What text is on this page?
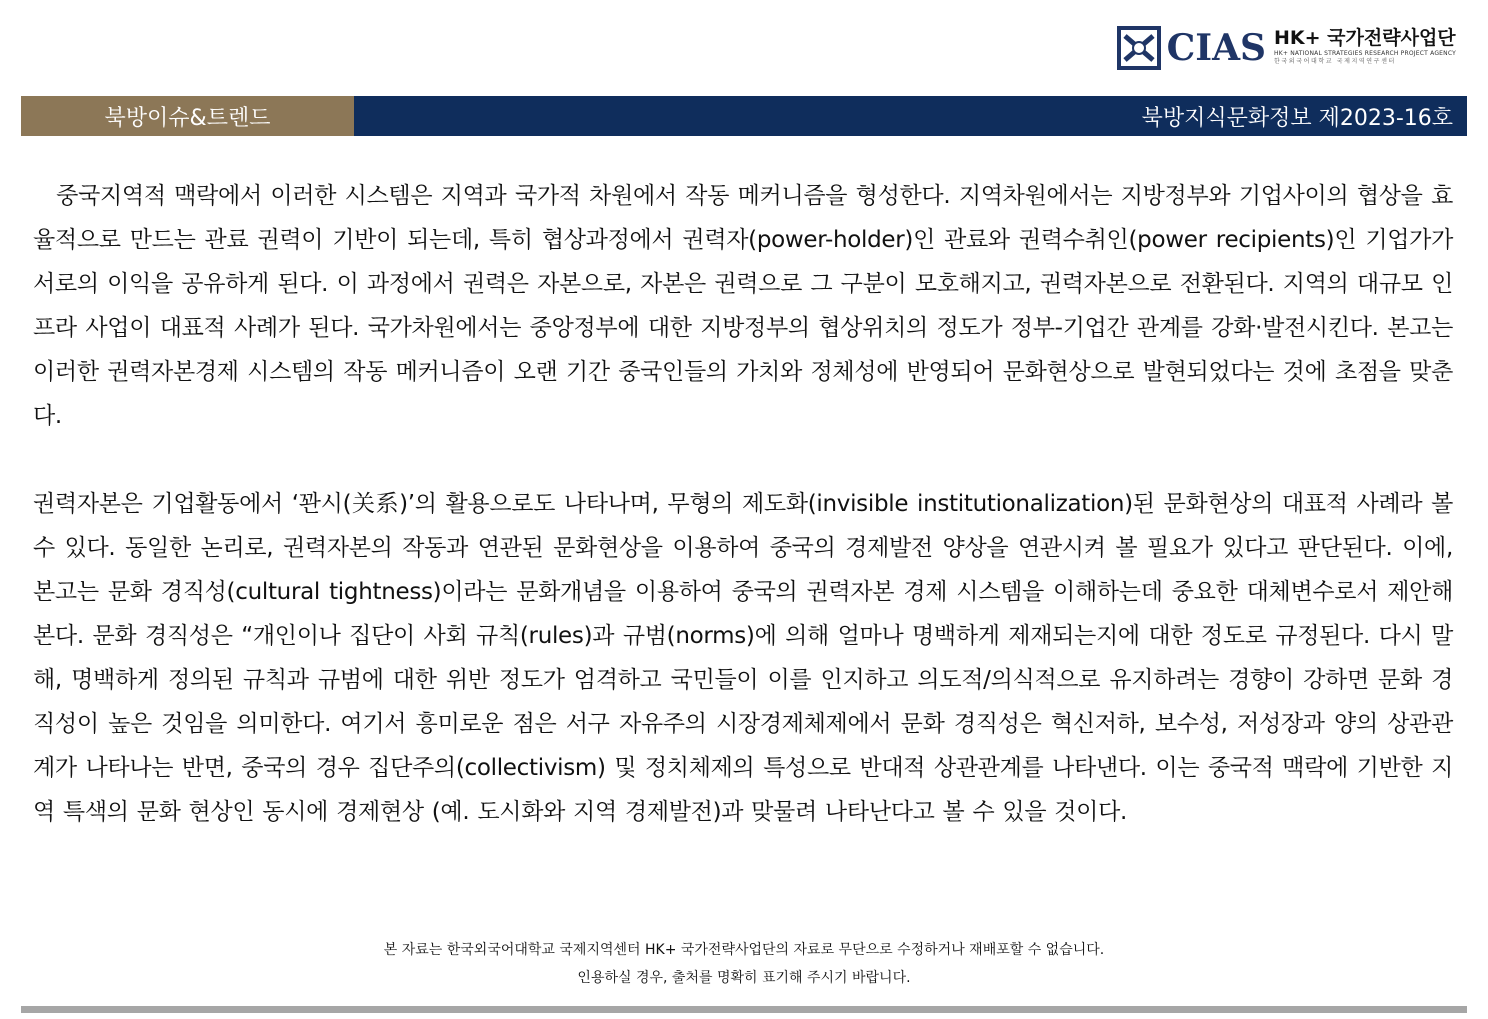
CIAS HK+ 국가전략사업단
HK+ NATIONAL STRATEGIES RESEARCH PROJECT AGENCY
한국외국어대학교 국제지역연구센터
북방이슈&트렌드	북방지식문화정보 제2023-16호

　중국지역적 맥락에서 이러한 시스템은 지역과 국가적 차원에서 작동 메커니즘을 형성한다. 지역차원에서는 지방정부와 기업사이의 협상을 효율적으로 만드는 관료 권력이 기반이 되는데, 특히 협상과정에서 권력자(power-holder)인 관료와 권력수취인(power recipients)인 기업가가 서로의 이익을 공유하게 된다. 이 과정에서 권력은 자본으로, 자본은 권력으로 그 구분이 모호해지고, 권력자본으로 전환된다. 지역의 대규모 인프라 사업이 대표적 사례가 된다. 국가차원에서는 중앙정부에 대한 지방정부의 협상위치의 정도가 정부-기업간 관계를 강화·발전시킨다. 본고는 이러한 권력자본경제 시스템의 작동 메커니즘이 오랜 기간 중국인들의 가치와 정체성에 반영되어 문화현상으로 발현되었다는 것에 초점을 맞춘다.

권력자본은 기업활동에서 ‘꽌시(关系)’의 활용으로도 나타나며, 무형의 제도화(invisible institutionalization)된 문화현상의 대표적 사례라 볼 수 있다. 동일한 논리로, 권력자본의 작동과 연관된 문화현상을 이용하여 중국의 경제발전 양상을 연관시켜 볼 필요가 있다고 판단된다. 이에, 본고는 문화 경직성(cultural tightness)이라는 문화개념을 이용하여 중국의 권력자본 경제 시스템을 이해하는데 중요한 대체변수로서 제안해 본다. 문화 경직성은 “개인이나 집단이 사회 규칙(rules)과 규범(norms)에 의해 얼마나 명백하게 제재되는지에 대한 정도로 규정된다. 다시 말해, 명백하게 정의된 규칙과 규범에 대한 위반 정도가 엄격하고 국민들이 이를 인지하고 의도적/의식적으로 유지하려는 경향이 강하면 문화 경직성이 높은 것임을 의미한다. 여기서 흥미로운 점은 서구 자유주의 시장경제체제에서 문화 경직성은 혁신저하, 보수성, 저성장과 양의 상관관계가 나타나는 반면, 중국의 경우 집단주의(collectivism) 및 정치체제의 특성으로 반대적 상관관계를 나타낸다. 이는 중국적 맥락에 기반한 지역 특색의 문화 현상인 동시에 경제현상 (예. 도시화와 지역 경제발전)과 맞물려 나타난다고 볼 수 있을 것이다.

본 자료는 한국외국어대학교 국제지역센터 HK+ 국가전략사업단의 자료로 무단으로 수정하거나 재배포할 수 없습니다.
인용하실 경우, 출처를 명확히 표기해 주시기 바랍니다.
